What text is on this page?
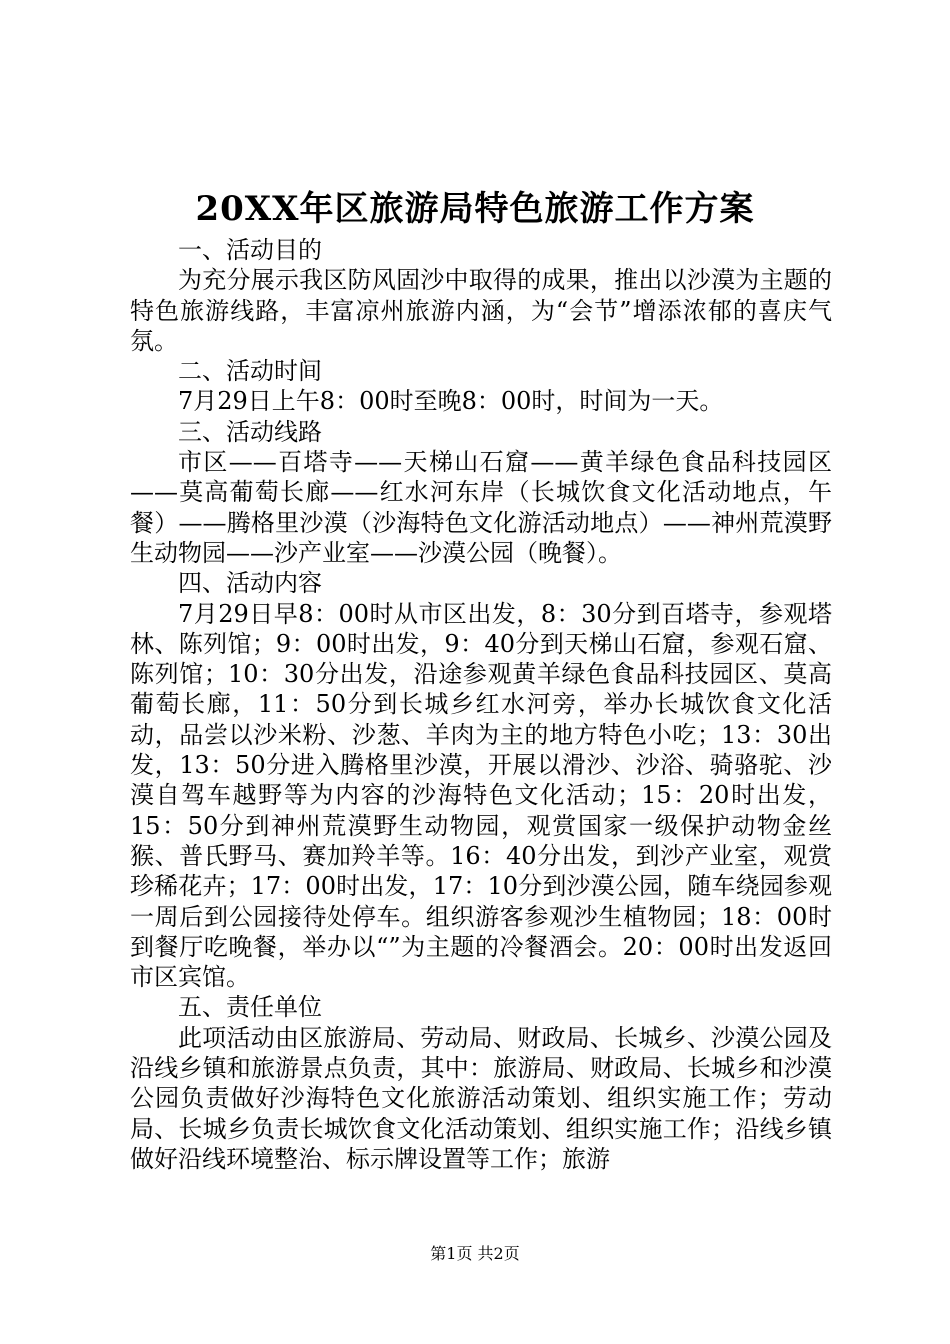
20XX年区旅游局特色旅游工作方案

一、活动目的

为充分展示我区防风固沙中取得的成果，推出以沙漠为主题的特色旅游线路，丰富凉州旅游内涵，为“会节”增添浓郁的喜庆气氛。

二、活动时间

7月29日上午8：00时至晚8：00时，时间为一天。

三、活动线路

市区——百塔寺——天梯山石窟——黄羊绿色食品科技园区——莫高葡萄长廊——红水河东岸（长城饮食文化活动地点，午餐）——腾格里沙漠（沙海特色文化游活动地点）——神州荒漠野生动物园——沙产业室——沙漠公园（晚餐）。

四、活动内容

7月29日早8：00时从市区出发，8：30分到百塔寺，参观塔林、陈列馆；9：00时出发，9：40分到天梯山石窟，参观石窟、陈列馆；10：30分出发，沿途参观黄羊绿色食品科技园区、莫高葡萄长廊，11：50分到长城乡红水河旁，举办长城饮食文化活动，品尝以沙米粉、沙葱、羊肉为主的地方特色小吃；13：30出发，13：50分进入腾格里沙漠，开展以滑沙、沙浴、骑骆驼、沙漠自驾车越野等为内容的沙海特色文化活动；15：20时出发，15：50分到神州荒漠野生动物园，观赏国家一级保护动物金丝猴、普氏野马、赛加羚羊等。16：40分出发，到沙产业室，观赏珍稀花卉；17：00时出发，17：10分到沙漠公园，随车绕园参观一周后到公园接待处停车。组织游客参观沙生植物园；18：00时到餐厅吃晚餐，举办以“”为主题的冷餐酒会。20：00时出发返回市区宾馆。

五、责任单位

此项活动由区旅游局、劳动局、财政局、长城乡、沙漠公园及沿线乡镇和旅游景点负责，其中：旅游局、财政局、长城乡和沙漠公园负责做好沙海特色文化旅游活动策划、组织实施工作；劳动局、长城乡负责长城饮食文化活动策划、组织实施工作；沿线乡镇做好沿线环境整治、标示牌设置等工作；旅游

第1页 共2页
